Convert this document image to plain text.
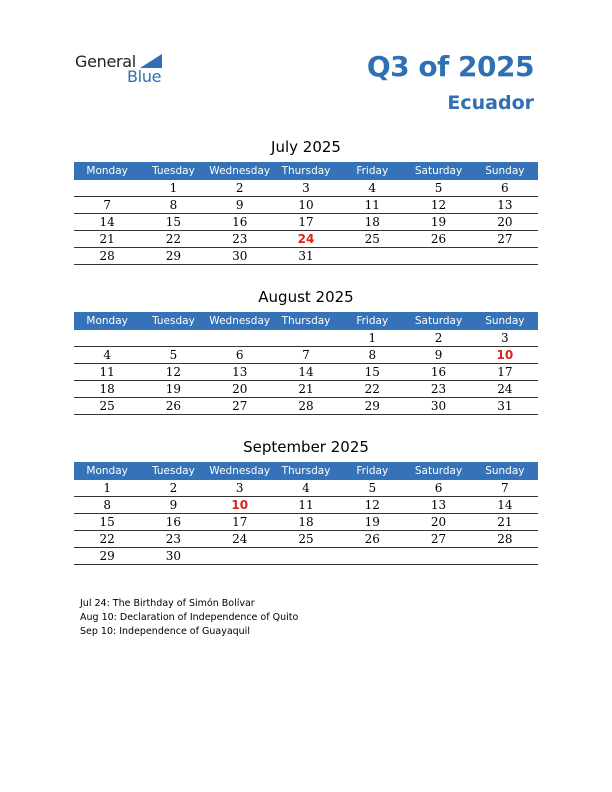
General
Blue	Q3 of 2025
Ecuador
July 2025
Monday	Tuesday	Wednesday	Thursday	Friday	Saturday	Sunday
	1	2	3	4	5	6
7	8	9	10	11	12	13
14	15	16	17	18	19	20
21	22	23	24	25	26	27
28	29	30	31			
August 2025
Monday	Tuesday	Wednesday	Thursday	Friday	Saturday	Sunday
				1	2	3
4	5	6	7	8	9	10
11	12	13	14	15	16	17
18	19	20	21	22	23	24
25	26	27	28	29	30	31
September 2025
Monday	Tuesday	Wednesday	Thursday	Friday	Saturday	Sunday
1	2	3	4	5	6	7
8	9	10	11	12	13	14
15	16	17	18	19	20	21
22	23	24	25	26	27	28
29	30					
Jul 24: The Birthday of Simón Bolívar
Aug 10: Declaration of Independence of Quito
Sep 10: Independence of Guayaquil
